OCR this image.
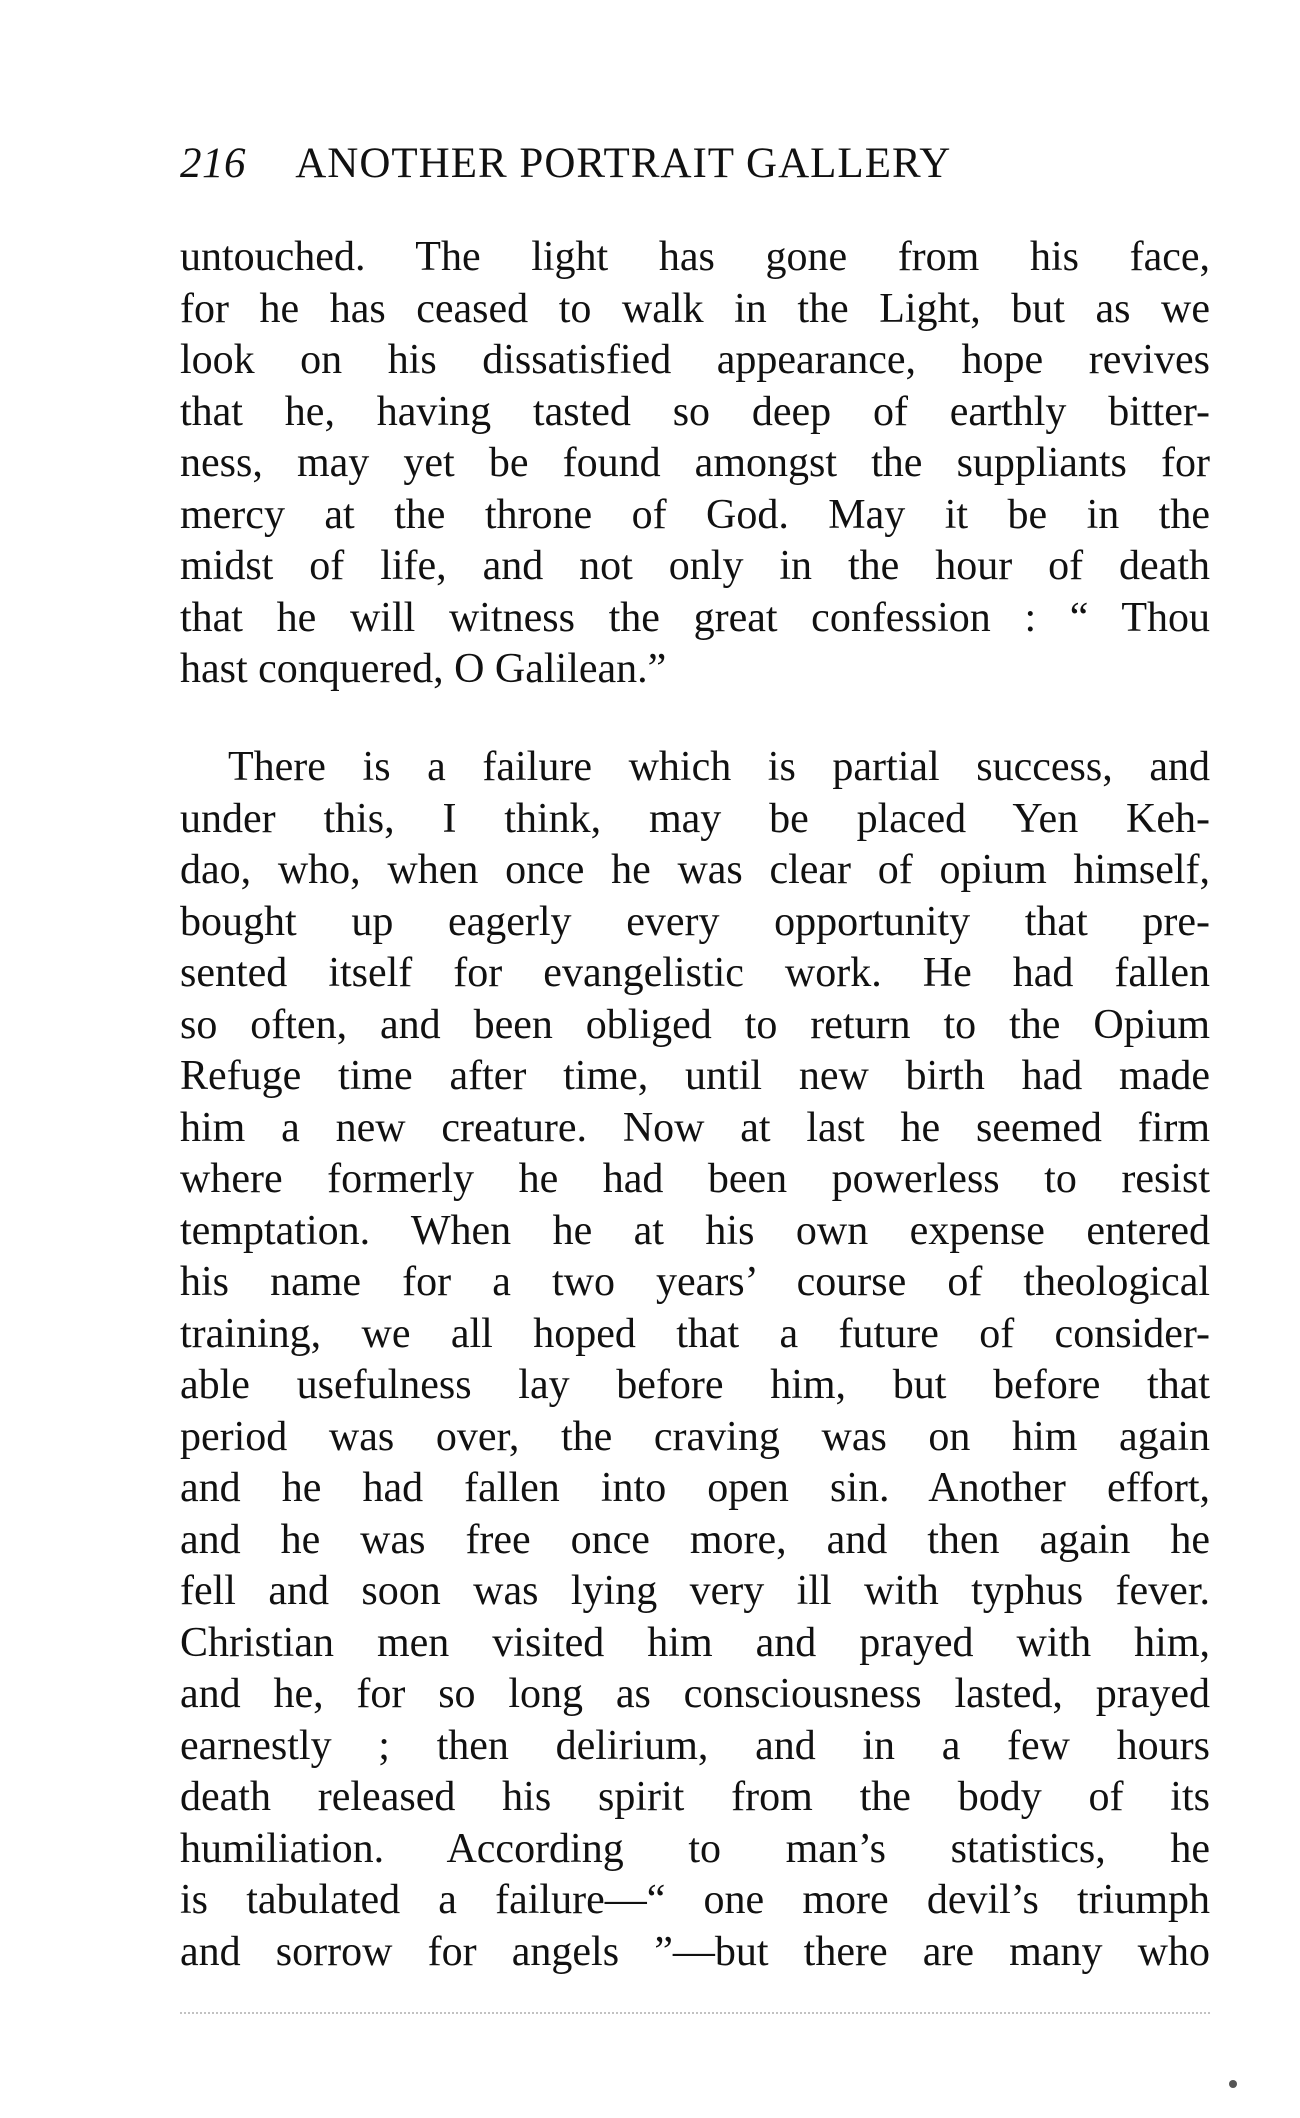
216 ANOTHER PORTRAIT GALLERY
untouched. The light has gone from his face,
for he has ceased to walk in the Light, but as we
look on his dissatisfied appearance, hope revives
that he, having tasted so deep of earthly bitter-
ness, may yet be found amongst the suppliants for
mercy at the throne of God. May it be in the
midst of life, and not only in the hour of death
that he will witness the great confession : “ Thou
hast conquered, O Galilean.”
There is a failure which is partial success, and
under this, I think, may be placed Yen Keh-
dao, who, when once he was clear of opium himself,
bought up eagerly every opportunity that pre-
sented itself for evangelistic work. He had fallen
so often, and been obliged to return to the Opium
Refuge time after time, until new birth had made
him a new creature. Now at last he seemed firm
where formerly he had been powerless to resist
temptation. When he at his own expense entered
his name for a two years’ course of theological
training, we all hoped that a future of consider-
able usefulness lay before him, but before that
period was over, the craving was on him again
and he had fallen into open sin. Another effort,
and he was free once more, and then again he
fell and soon was lying very ill with typhus fever.
Christian men visited him and prayed with him,
and he, for so long as consciousness lasted, prayed
earnestly ; then delirium, and in a few hours
death released his spirit from the body of its
humiliation. According to man’s statistics, he
is tabulated a failure—“ one more devil’s triumph
and sorrow for angels ”—but there are many who
